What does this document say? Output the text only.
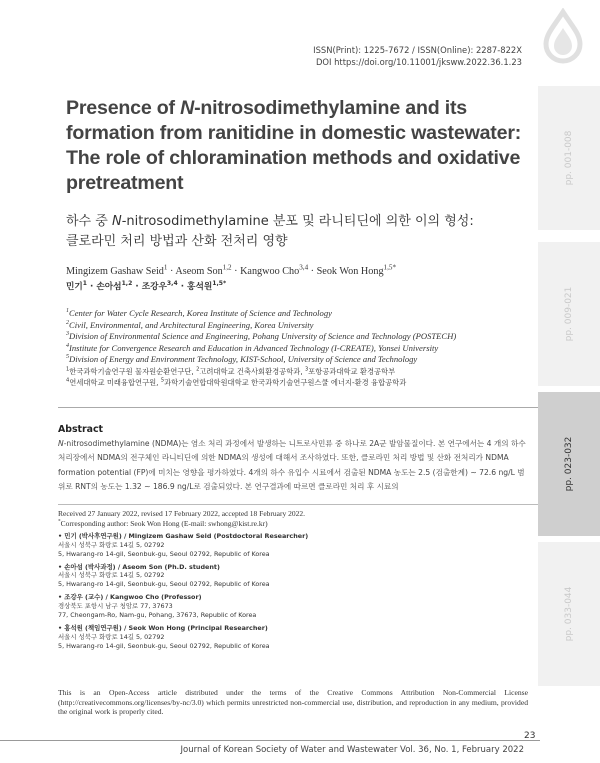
ISSN(Print): 1225-7672 / ISSN(Online): 2287-822X
DOI https://doi.org/10.11001/jksww.2022.36.1.23
Presence of N-nitrosodimethylamine and its
formation from ranitidine in domestic wastewater:
The role of chloramination methods and oxidative
pretreatment
하수 중 N-nitrosodimethylamine 분포 및 라니티딘에 의한 이의 형성:
클로라민 처리 방법과 산화 전처리 영향
Mingizem Gashaw Seid$^1$ · Aseom Son$^{1,2}$ · Kangwoo Cho$^{3,4}$ · Seok Won Hong$^{1,5*}$
민기$^1$ · 손아섬$^{1,2}$ · 조강우$^{3,4}$ · 홍석원$^{1,5*}$
$^1$Center for Water Cycle Research, Korea Institute of Science and Technology
$^2$Civil, Environmental, and Architectural Engineering, Korea University
$^3$Division of Environmental Science and Engineering, Pohang University of Science and Technology (POSTECH)
$^4$Institute for Convergence Research and Education in Advanced Technology (I-CREATE), Yonsei University
$^5$Division of Energy and Environment Technology, KIST-School, University of Science and Technology
$^1$한국과학기술연구원 물자원순환연구단, $^2$고려대학교 건축사회환경공학과, $^3$포항공과대학교 환경공학부
$^4$연세대학교 미래융합연구원, $^5$과학기술연합대학원대학교 한국과학기술연구원스쿨 에너지-환경 융합공학과
Abstract
N-nitrosodimethylamine (NDMA)는 염소 처리 과정에서 발생하는 니트로사민류 중 하나로 2A군 발암물질이다. 본 연구에서는 4 개의 하수처리장에서 NDMA의 전구체인 라니티딘에 의한 NDMA의 생성에 대해서 조사하였다. 또한, 클로라민 처리 방법 및 산화 전처리가 NDMA formation potential (FP)에 미치는 영향을 평가하였다. 4개의 하수 유입수 시료에서 검출된 NDMA 농도는 2.5 (검출한계) ~ 72.6 ng/L 범위로 RNT의 농도는 1.32 ~ 186.9 ng/L로 검출되었다. 본 연구결과에 따르면 클로라민 처리 후 시료의
Received 27 January 2022, revised 17 February 2022, accepted 18 February 2022.
*Corresponding author: Seok Won Hong (E-mail: swhong@kist.re.kr)
• 민기 (박사후연구원) / Mingizem Gashaw Seid (Postdoctoral Researcher)
서울시 성북구 화랑로 14길 5, 02792
5, Hwarang-ro 14-gil, Seonbuk-gu, Seoul 02792, Republic of Korea
• 손아섬 (박사과정) / Aseom Son (Ph.D. student)
서울시 성북구 화랑로 14길 5, 02792
5, Hwarang-ro 14-gil, Seonbuk-gu, Seoul 02792, Republic of Korea
• 조강우 (교수) / Kangwoo Cho (Professor)
경상북도 포항시 남구 청암로 77, 37673
77, Cheongam-Ro, Nam-gu, Pohang, 37673, Republic of Korea
• 홍석원 (책임연구원) / Seok Won Hong (Principal Researcher)
서울시 성북구 화랑로 14길 5, 02792
5, Hwarang-ro 14-gil, Seonbuk-gu, Seoul 02792, Republic of Korea
This is an Open-Access article distributed under the terms of the Creative Commons Attribution Non-Commercial License (http://creativecommons.org/licenses/by-nc/3.0) which permits unrestricted non-commercial use, distribution, and reproduction in any medium, provided the original work is properly cited.
23
Journal of Korean Society of Water and Wastewater Vol. 36, No. 1, February 2022
pp. 001-008
pp. 009-021
pp. 023-032
pp. 033-044
